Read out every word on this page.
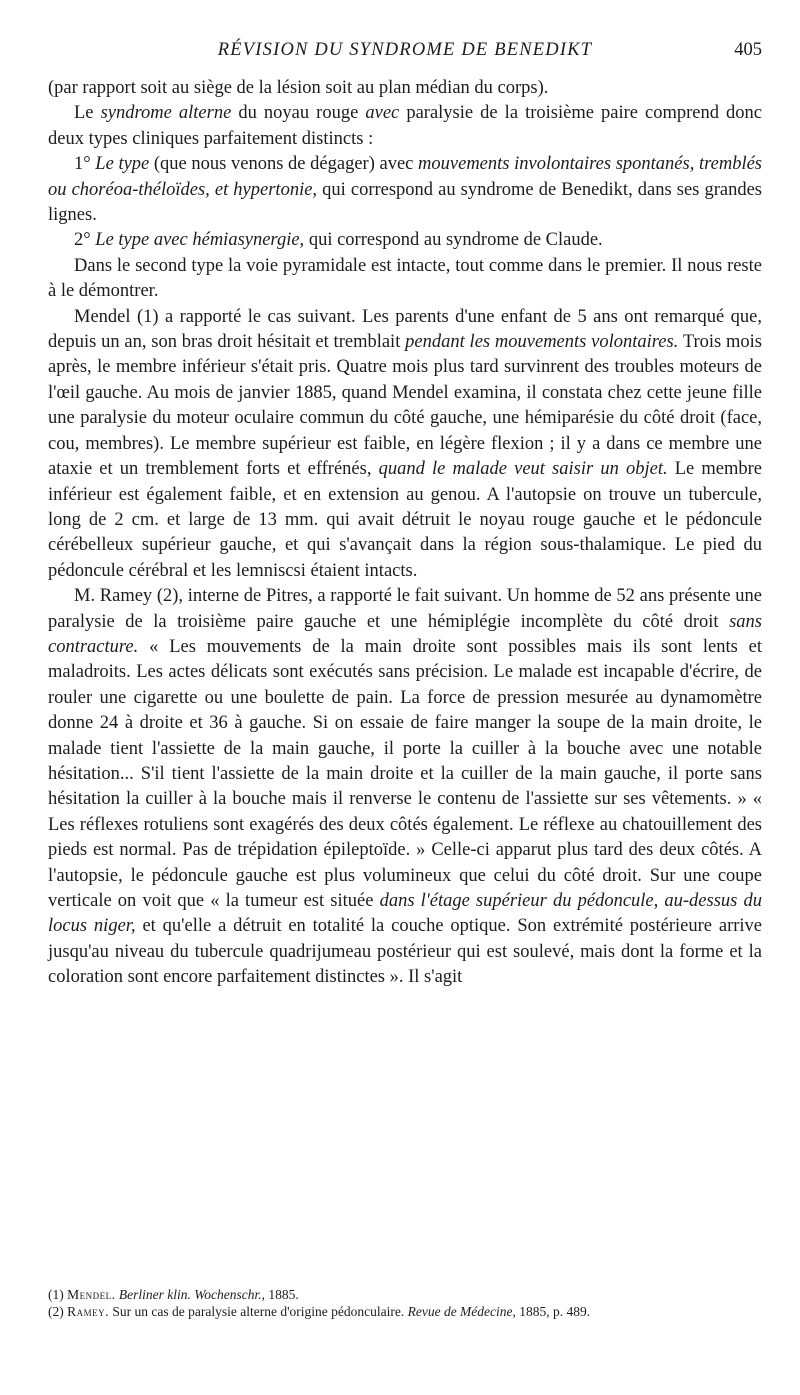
RÉVISION DU SYNDROME DE BENEDIKT	405

(par rapport soit au siège de la lésion soit au plan médian du corps).

Le syndrome alterne du noyau rouge avec paralysie de la troisième paire comprend donc deux types cliniques parfaitement distincts :

1° Le type (que nous venons de dégager) avec mouvements involontaires spontanés, tremblés ou choréoa-théloïdes, et hypertonie, qui correspond au syndrome de Benedikt, dans ses grandes lignes.

2° Le type avec hémiasynergie, qui correspond au syndrome de Claude.

Dans le second type la voie pyramidale est intacte, tout comme dans le premier. Il nous reste à le démontrer.

Mendel (1) a rapporté le cas suivant. Les parents d'une enfant de 5 ans ont remarqué que, depuis un an, son bras droit hésitait et tremblait pendant les mouvements volontaires. Trois mois après, le membre inférieur s'était pris. Quatre mois plus tard survinrent des troubles moteurs de l'œil gauche. Au mois de janvier 1885, quand Mendel examina, il constata chez cette jeune fille une paralysie du moteur oculaire commun du côté gauche, une hémiparésie du côté droit (face, cou, membres). Le membre supérieur est faible, en légère flexion ; il y a dans ce membre une ataxie et un tremblement forts et effrénés, quand le malade veut saisir un objet. Le membre inférieur est également faible, et en extension au genou. A l'autopsie on trouve un tubercule, long de 2 cm. et large de 13 mm. qui avait détruit le noyau rouge gauche et le pédoncule cérébelleux supérieur gauche, et qui s'avançait dans la région sous-thalamique. Le pied du pédoncule cérébral et les lemniscsi étaient intacts.

M. Ramey (2), interne de Pitres, a rapporté le fait suivant. Un homme de 52 ans présente une paralysie de la troisième paire gauche et une hémiplégie incomplète du côté droit sans contracture. « Les mouvements de la main droite sont possibles mais ils sont lents et maladroits. Les actes délicats sont exécutés sans précision. Le malade est incapable d'écrire, de rouler une cigarette ou une boulette de pain. La force de pression mesurée au dynamomètre donne 24 à droite et 36 à gauche. Si on essaie de faire manger la soupe de la main droite, le malade tient l'assiette de la main gauche, il porte la cuiller à la bouche avec une notable hésitation... S'il tient l'assiette de la main droite et la cuiller de la main gauche, il porte sans hésitation la cuiller à la bouche mais il renverse le contenu de l'assiette sur ses vêtements. » « Les réflexes rotuliens sont exagérés des deux côtés également. Le réflexe au chatouillement des pieds est normal. Pas de trépidation épileptoïde. » Celle-ci apparut plus tard des deux côtés. A l'autopsie, le pédoncule gauche est plus volumineux que celui du côté droit. Sur une coupe verticale on voit que « la tumeur est située dans l'étage supérieur du pédoncule, au-dessus du locus niger, et qu'elle a détruit en totalité la couche optique. Son extrémité postérieure arrive jusqu'au niveau du tubercule quadrijumeau postérieur qui est soulevé, mais dont la forme et la coloration sont encore parfaitement distinctes ». Il s'agit

(1) Mendel. Berliner klin. Wochenschr., 1885.

(2) Ramey. Sur un cas de paralysie alterne d'origine pédonculaire. Revue de Médecine, 1885, p. 489.
